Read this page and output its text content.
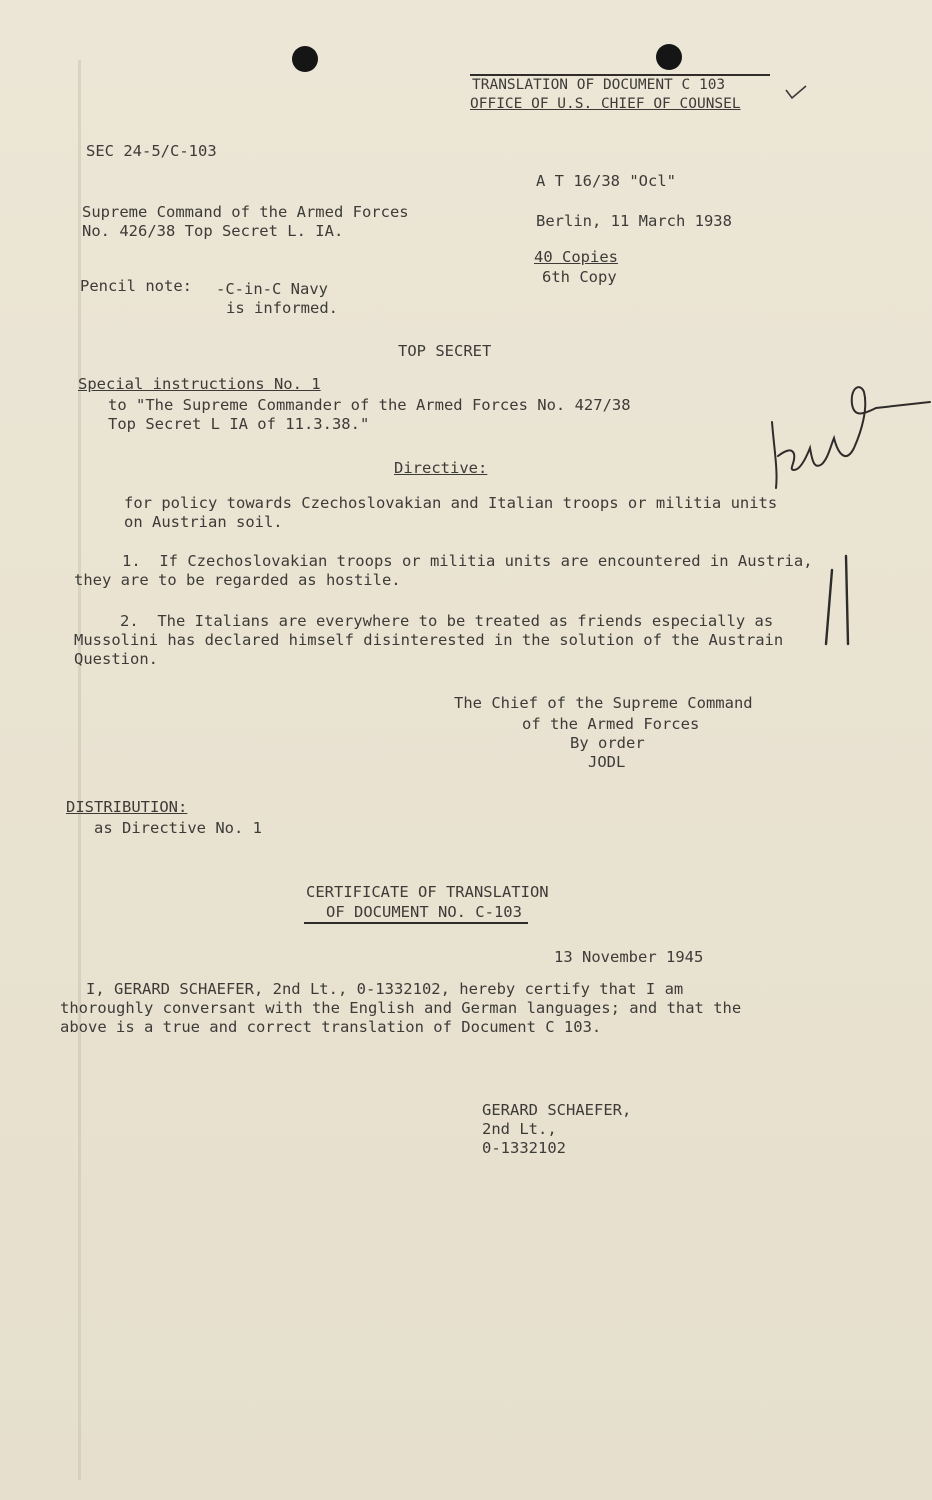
TRANSLATION OF DOCUMENT C 103
OFFICE OF U.S. CHIEF OF COUNSEL
SEC 24-5/C-103
A T 16/38 "Ocl"
Supreme Command of the Armed Forces
No. 426/38 Top Secret L. IA.
Berlin, 11 March 1938
40 Copies
6th Copy
Pencil note: -C-in-C Navy
is informed.
TOP SECRET
Special instructions No. 1
to "The Supreme Commander of the Armed Forces No. 427/38
Top Secret L IA of 11.3.38."
Directive:
for policy towards Czechoslovakian and Italian troops or militia units
on Austrian soil.
1.  If Czechoslovakian troops or militia units are encountered in Austria,
they are to be regarded as hostile.
2.  The Italians are everywhere to be treated as friends especially as
Mussolini has declared himself disinterested in the solution of the Austrain
Question.
The Chief of the Supreme Command
of the Armed Forces
By order
JODL
DISTRIBUTION:
as Directive No. 1
CERTIFICATE OF TRANSLATION
OF DOCUMENT NO. C-103
13 November 1945
I, GERARD SCHAEFER, 2nd Lt., 0-1332102, hereby certify that I am
thoroughly conversant with the English and German languages; and that the
above is a true and correct translation of Document C 103.
GERARD SCHAEFER,
2nd Lt.,
0-1332102
